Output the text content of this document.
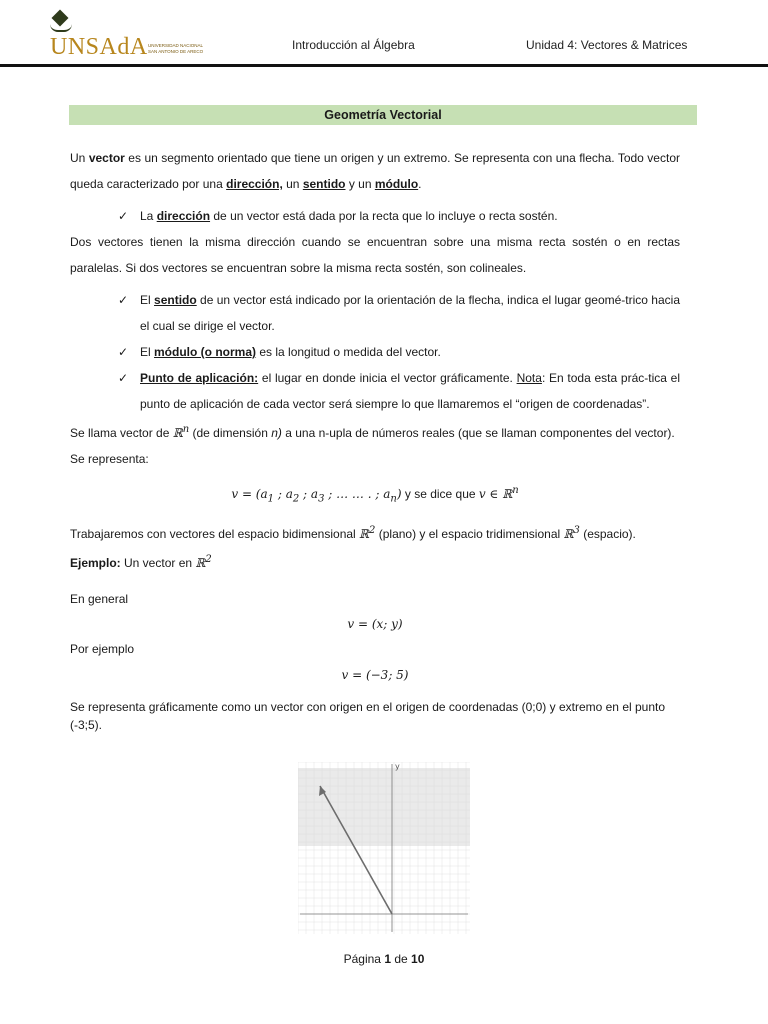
UNSAdA UNIVERSIDAD NACIONAL SAN ANTONIO DE ARECO	Introducción al Álgebra	Unidad 4: Vectores & Matrices
Geometría Vectorial

Un vector es un segmento orientado que tiene un origen y un extremo. Se representa con una flecha. Todo vector queda caracterizado por una dirección, un sentido y un módulo.

✓ La dirección de un vector está dada por la recta que lo incluye o recta sostén.

Dos vectores tienen la misma dirección cuando se encuentran sobre una misma recta sostén o en rectas paralelas. Si dos vectores se encuentran sobre la misma recta sostén, son colineales.

✓ El sentido de un vector está indicado por la orientación de la flecha, indica el lugar geomé-trico hacia el cual se dirige el vector.

✓ El módulo (o norma) es la longitud o medida del vector.

✓ Punto de aplicación: el lugar en donde inicia el vector gráficamente. Nota: En toda esta prác-tica el punto de aplicación de cada vector será siempre lo que llamaremos el “origen de coordenadas”.

Se llama vector de ℝ$^n$ (de dimensión n) a una n-upla de números reales (que se llaman componentes del vector). Se representa:

$v = (a_1$ ; $a_2$ ; $a_3$ ; … … . ; $a_n$) y se dice que v ∈ ℝ$^n$

Trabajaremos con vectores del espacio bidimensional ℝ$^2$ (plano) y el espacio tridimensional ℝ$^3$ (espacio).

Ejemplo: Un vector en ℝ$^2$

En general

v = (x; y)

Por ejemplo

v = (−3; 5)

Se representa gráficamente como un vector con origen en el origen de coordenadas (0;0) y extremo en el punto (-3;5).

y
Página 1 de 10
